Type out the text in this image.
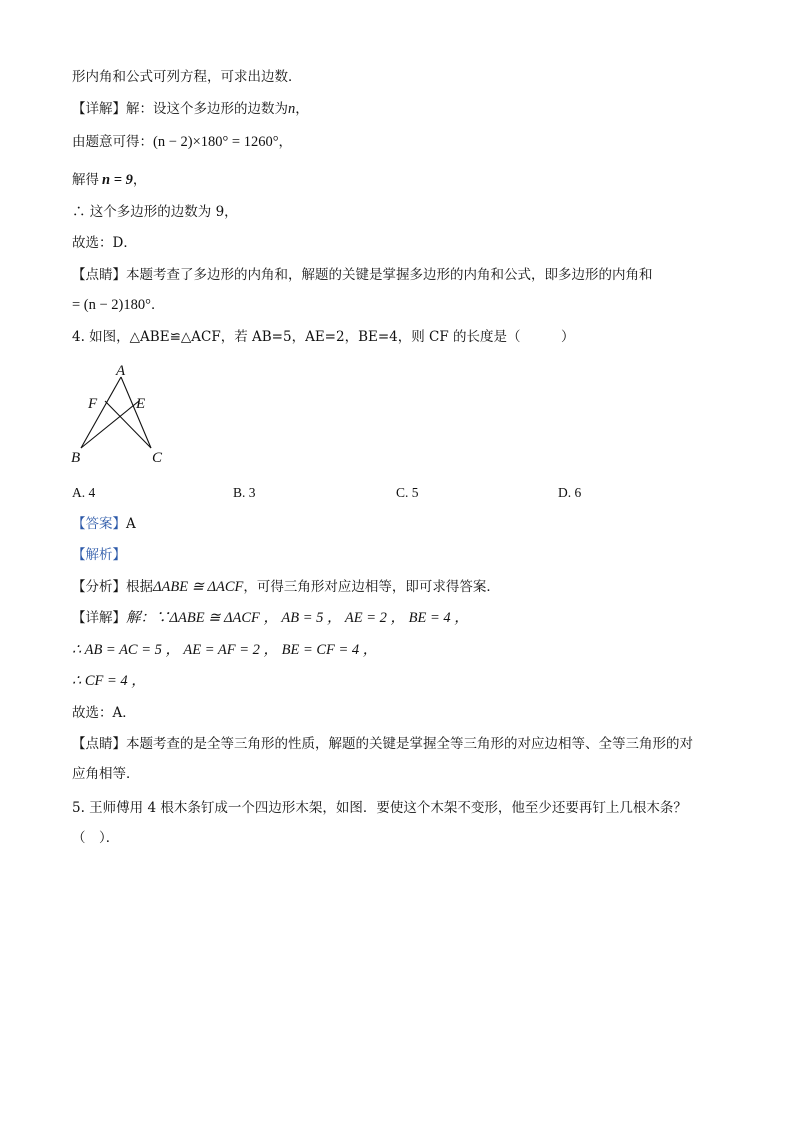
形内角和公式可列方程，可求出边数．
【详解】解：设这个多边形的边数为n，
由题意可得：(n − 2)×180° = 1260°，
解得 n = 9，
∴ 这个多边形的边数为 9，
故选：D．
【点睛】本题考查了多边形的内角和，解题的关键是掌握多边形的内角和公式，即多边形的内角和
= (n − 2)180°．
4. 如图，△ABE≌△ACF，若 AB=5，AE=2，BE=4，则 CF 的长度是（　　　）
A
F	E
B	C
A. 4	B. 3	C. 5	D. 6
【答案】A
【解析】
【分析】根据ΔABE ≅ ΔACF，可得三角形对应边相等，即可求得答案．
【详解】解：∵ΔABE ≅ ΔACF ， AB = 5 ， AE = 2 ， BE = 4 ，
∴ AB = AC = 5 ， AE = AF = 2 ， BE = CF = 4 ，
∴ CF = 4 ，
故选：A．
【点睛】本题考查的是全等三角形的性质，解题的关键是掌握全等三角形的对应边相等、全等三角形的对
应角相等．
5. 王师傅用 4 根木条钉成一个四边形木架，如图．要使这个木架不变形，他至少还要再钉上几根木条？
（　）．
